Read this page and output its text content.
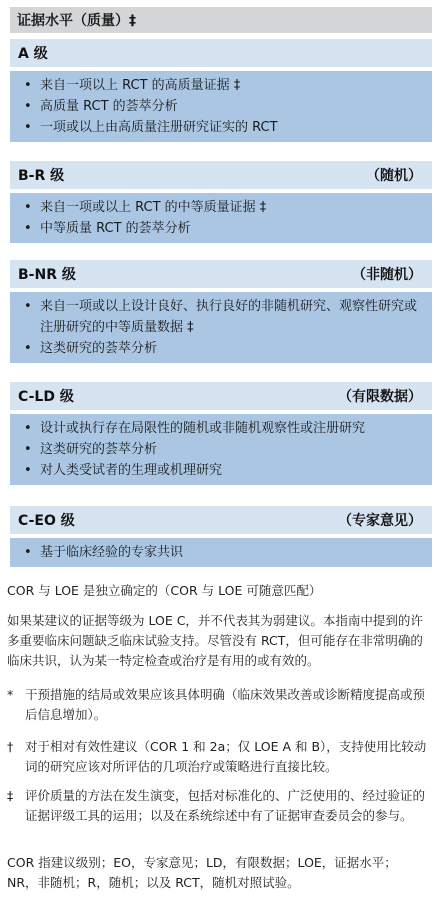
证据水平（质量）‡
A 级
• 来自一项以上 RCT 的高质量证据 ‡
• 高质量 RCT 的荟萃分析
• 一项或以上由高质量注册研究证实的 RCT
B-R 级	（随机）
• 来自一项或以上 RCT 的中等质量证据 ‡
• 中等质量 RCT 的荟萃分析
B-NR 级	（非随机）
• 来自一项或以上设计良好、执行良好的非随机研究、观察性研究或注册研究的中等质量数据 ‡
• 这类研究的荟萃分析
C-LD 级	（有限数据）
• 设计或执行存在局限性的随机或非随机观察性或注册研究
• 这类研究的荟萃分析
• 对人类受试者的生理或机理研究
C-EO 级	（专家意见）
• 基于临床经验的专家共识
COR 与 LOE 是独立确定的（COR 与 LOE 可随意匹配）
如果某建议的证据等级为 LOE C，并不代表其为弱建议。本指南中提到的许多重要临床问题缺乏临床试验支持。尽管没有 RCT，但可能存在非常明确的临床共识，认为某一特定检查或治疗是有用的或有效的。
* 干预措施的结局或效果应该具体明确（临床效果改善或诊断精度提高或预后信息增加）。
† 对于相对有效性建议（COR 1 和 2a；仅 LOE A 和 B），支持使用比较动词的研究应该对所评估的几项治疗或策略进行直接比较。
‡ 评价质量的方法在发生演变，包括对标准化的、广泛使用的、经过验证的证据评级工具的运用；以及在系统综述中有了证据审查委员会的参与。
COR 指建议级别；EO，专家意见；LD，有限数据；LOE，证据水平；NR，非随机；R，随机；以及 RCT，随机对照试验。
